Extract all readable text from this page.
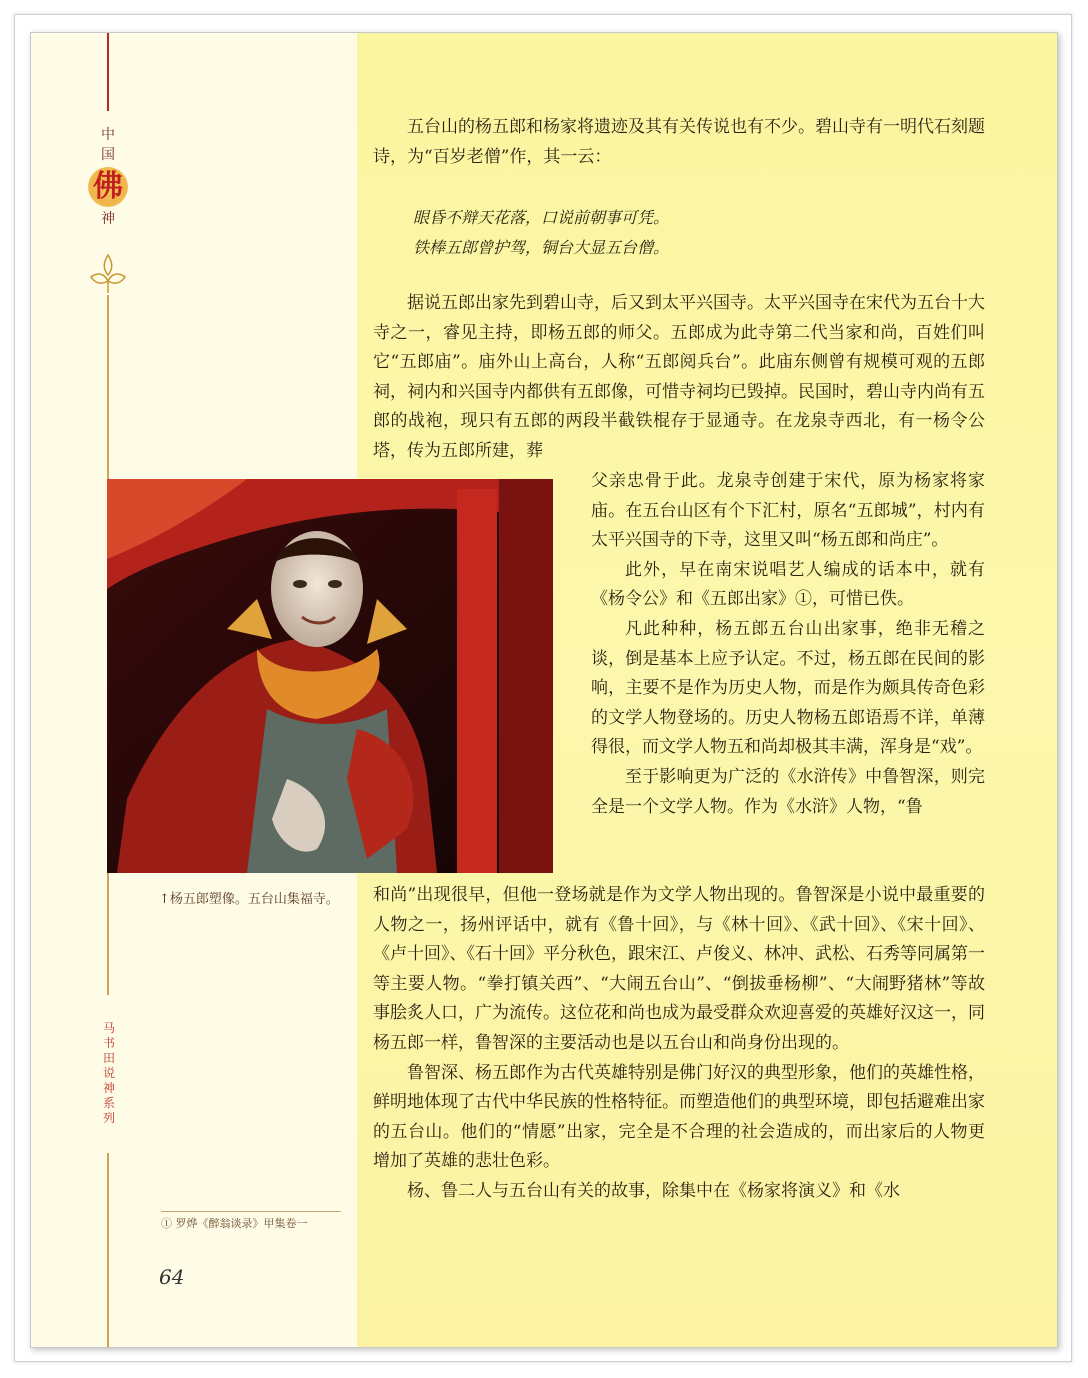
中
国
佛
神
马书田说神系列
↑杨五郎塑像。五台山集福寺。
① 罗烨《醉翁谈录》甲集卷一
64

五台山的杨五郎和杨家将遗迹及其有关传说也有不少。碧山寺有一明代石刻题诗，为“百岁老僧”作，其一云：

眼昏不辩天花落，口说前朝事可凭。
铁棒五郎曾护驾，铜台大显五台僧。

据说五郎出家先到碧山寺，后又到太平兴国寺。太平兴国寺在宋代为五台十大寺之一，睿见主持，即杨五郎的师父。五郎成为此寺第二代当家和尚，百姓们叫它“五郎庙”。庙外山上高台，人称“五郎阅兵台”。此庙东侧曾有规模可观的五郎祠，祠内和兴国寺内都供有五郎像，可惜寺祠均已毁掉。民国时，碧山寺内尚有五郎的战袍，现只有五郎的两段半截铁棍存于显通寺。在龙泉寺西北，有一杨令公塔，传为五郎所建，葬

父亲忠骨于此。龙泉寺创建于宋代，原为杨家将家庙。在五台山区有个下汇村，原名“五郎城”，村内有太平兴国寺的下寺，这里又叫“杨五郎和尚庄”。

此外，早在南宋说唱艺人编成的话本中，就有《杨令公》和《五郎出家》①，可惜已佚。

凡此种种，杨五郎五台山出家事，绝非无稽之谈，倒是基本上应予认定。不过，杨五郎在民间的影响，主要不是作为历史人物，而是作为颇具传奇色彩的文学人物登场的。历史人物杨五郎语焉不详，单薄得很，而文学人物五和尚却极其丰满，浑身是“戏”。

至于影响更为广泛的《水浒传》中鲁智深，则完全是一个文学人物。作为《水浒》人物，“鲁

和尚”出现很早，但他一登场就是作为文学人物出现的。鲁智深是小说中最重要的人物之一，扬州评话中，就有《鲁十回》，与《林十回》、《武十回》、《宋十回》、《卢十回》、《石十回》平分秋色，跟宋江、卢俊义、林冲、武松、石秀等同属第一等主要人物。“拳打镇关西”、“大闹五台山”、“倒拔垂杨柳”、“大闹野猪林”等故事脍炙人口，广为流传。这位花和尚也成为最受群众欢迎喜爱的英雄好汉这一，同杨五郎一样，鲁智深的主要活动也是以五台山和尚身份出现的。

鲁智深、杨五郎作为古代英雄特别是佛门好汉的典型形象，他们的英雄性格，鲜明地体现了古代中华民族的性格特征。而塑造他们的典型环境，即包括避难出家的五台山。他们的“情愿”出家，完全是不合理的社会造成的，而出家后的人物更增加了英雄的悲壮色彩。

杨、鲁二人与五台山有关的故事，除集中在《杨家将演义》和《水
